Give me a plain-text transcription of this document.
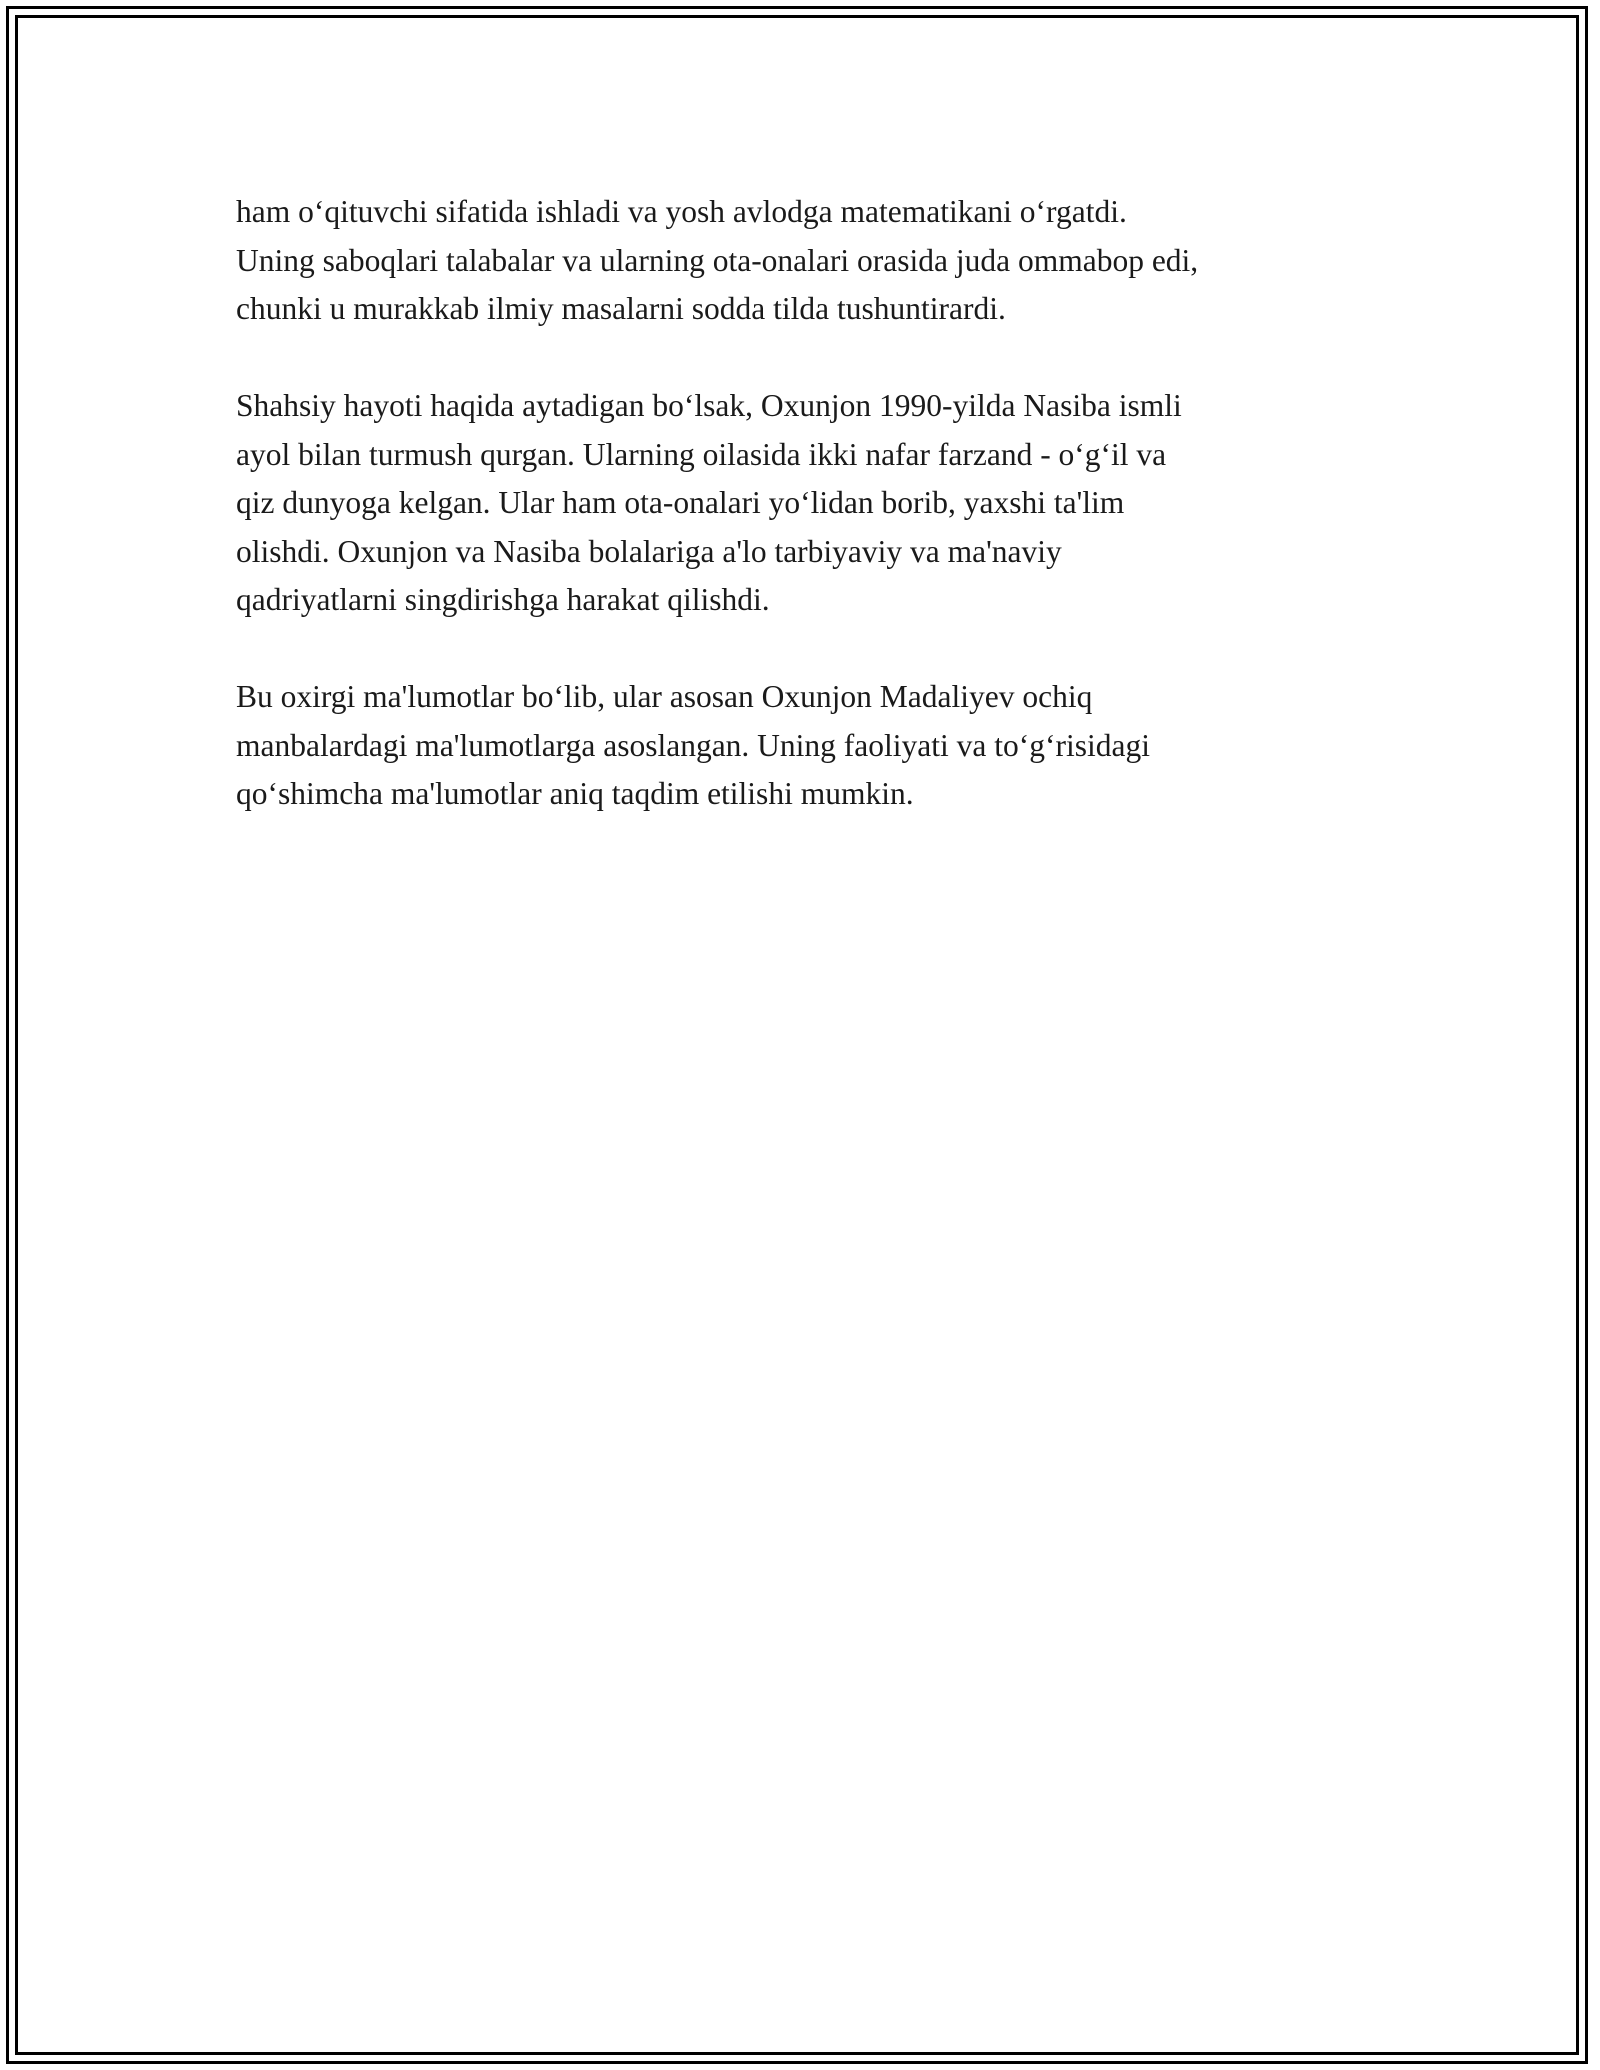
ham o‘qituvchi sifatida ishladi va yosh avlodga matematikani o‘rgatdi.
Uning saboqlari talabalar va ularning ota-onalari orasida juda ommabop edi,
chunki u murakkab ilmiy masalarni sodda tilda tushuntirardi.

Shahsiy hayoti haqida aytadigan bo‘lsak, Oxunjon 1990-yilda Nasiba ismli
ayol bilan turmush qurgan. Ularning oilasida ikki nafar farzand - o‘g‘il va
qiz dunyoga kelgan. Ular ham ota-onalari yo‘lidan borib, yaxshi ta'lim
olishdi. Oxunjon va Nasiba bolalariga a'lo tarbiyaviy va ma'naviy
qadriyatlarni singdirishga harakat qilishdi.

Bu oxirgi ma'lumotlar bo‘lib, ular asosan Oxunjon Madaliyev ochiq
manbalardagi ma'lumotlarga asoslangan. Uning faoliyati va to‘g‘risidagi
qo‘shimcha ma'lumotlar aniq taqdim etilishi mumkin.
